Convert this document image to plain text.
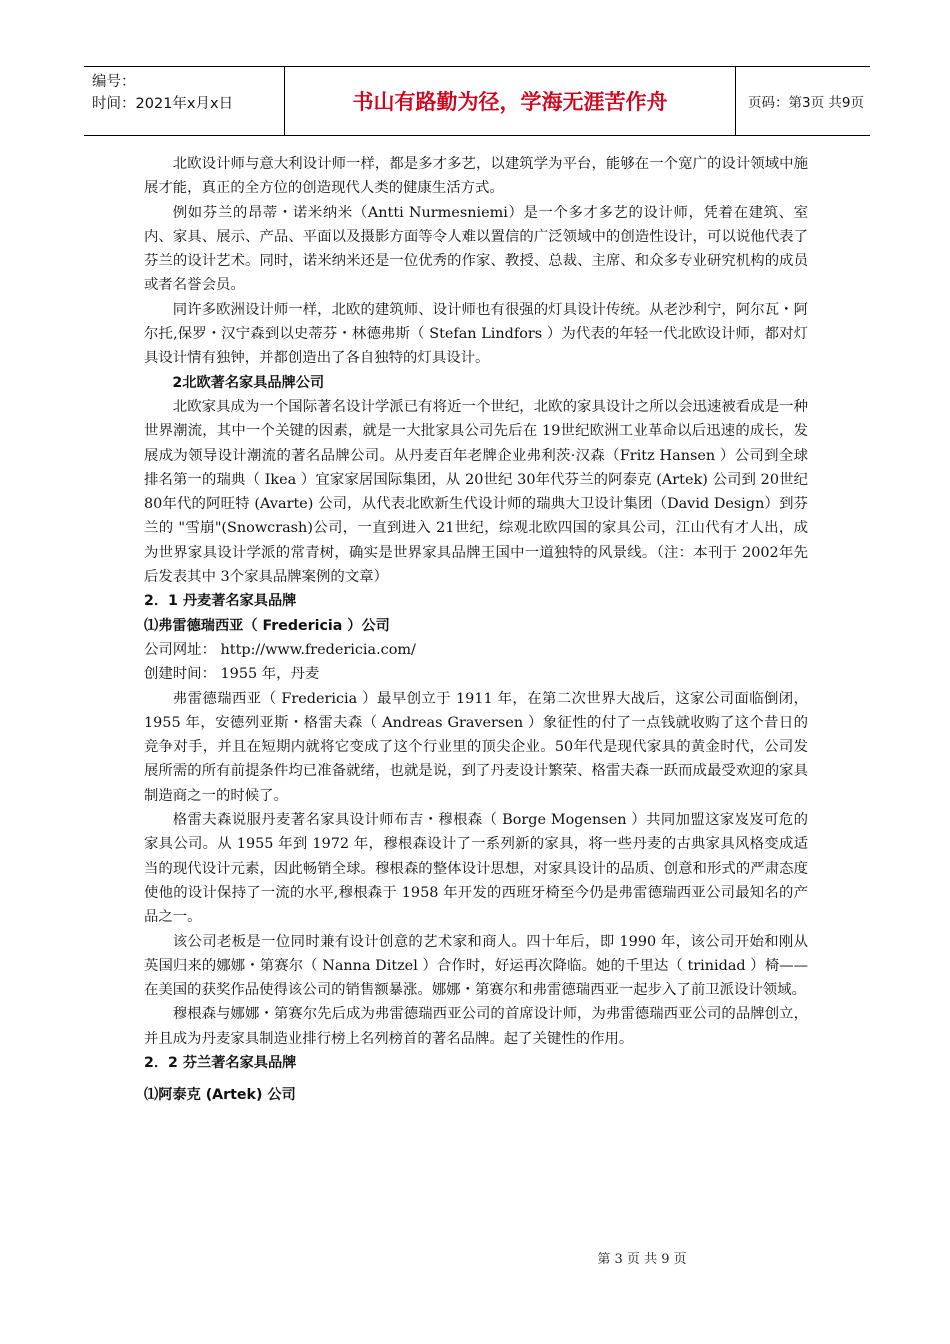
编号：
时间：2021年x月x日	书山有路勤为径，学海无涯苦作舟	页码：第3页 共9页

北欧设计师与意大利设计师一样，都是多才多艺，以建筑学为平台，能够在一个宽广的设计领域中施展才能，真正的全方位的创造现代人类的健康生活方式。

例如芬兰的昂蒂・诺米纳米（Antti Nurmesniemi）是一个多才多艺的设计师，凭着在建筑、室内、家具、展示、产品、平面以及摄影方面等令人难以置信的广泛领域中的创造性设计，可以说他代表了芬兰的设计艺术。同时，诺米纳米还是一位优秀的作家、教授、总裁、主席、和众多专业研究机构的成员或者名誉会员。

同许多欧洲设计师一样，北欧的建筑师、设计师也有很强的灯具设计传统。从老沙利宁，阿尔瓦・阿尔托,保罗・汉宁森到以史蒂芬・林德弗斯（ Stefan Lindfors ）为代表的年轻一代北欧设计师，都对灯具设计情有独钟，并都创造出了各自独特的灯具设计。

2北欧著名家具品牌公司

北欧家具成为一个国际著名设计学派已有将近一个世纪，北欧的家具设计之所以会迅速被看成是一种世界潮流，其中一个关键的因素，就是一大批家具公司先后在 19世纪欧洲工业革命以后迅速的成长，发展成为领导设计潮流的著名品牌公司。从丹麦百年老牌企业弗利茨·汉森（Fritz Hansen ）公司到全球排名第一的瑞典（ Ikea ）宜家家居国际集团，从 20世纪 30年代芬兰的阿泰克 (Artek) 公司到 20世纪 80年代的阿旺特 (Avarte) 公司，从代表北欧新生代设计师的瑞典大卫设计集团（David Design）到芬兰的 "雪崩"(Snowcrash)公司，一直到进入 21世纪，综观北欧四国的家具公司，江山代有才人出，成为世界家具设计学派的常青树，确实是世界家具品牌王国中一道独特的风景线。（注：本刊于 2002年先后发表其中 3个家具品牌案例的文章）

2．1 丹麦著名家具品牌

⑴弗雷德瑞西亚（ Fredericia ）公司

公司网址： http://www.fredericia.com/

创建时间： 1955 年，丹麦

弗雷德瑞西亚（ Fredericia ）最早创立于 1911 年，在第二次世界大战后，这家公司面临倒闭， 1955 年，安德列亚斯・格雷夫森（ Andreas Graversen ）象征性的付了一点钱就收购了这个昔日的竞争对手，并且在短期内就将它变成了这个行业里的顶尖企业。50年代是现代家具的黄金时代，公司发展所需的所有前提条件均已准备就绪，也就是说，到了丹麦设计繁荣、格雷夫森一跃而成最受欢迎的家具制造商之一的时候了。

格雷夫森说服丹麦著名家具设计师布吉・穆根森（ Borge Mogensen ）共同加盟这家岌岌可危的家具公司。从 1955 年到 1972 年，穆根森设计了一系列新的家具，将一些丹麦的古典家具风格变成适当的现代设计元素，因此畅销全球。穆根森的整体设计思想，对家具设计的品质、创意和形式的严肃态度使他的设计保持了一流的水平,穆根森于 1958 年开发的西班牙椅至今仍是弗雷德瑞西亚公司最知名的产品之一。

该公司老板是一位同时兼有设计创意的艺术家和商人。四十年后，即 1990 年，该公司开始和刚从英国归来的娜娜・第赛尔（ Nanna Ditzel ）合作时，好运再次降临。她的千里达（ trinidad ）椅——在美国的获奖作品使得该公司的销售额暴涨。娜娜・第赛尔和弗雷德瑞西亚一起步入了前卫派设计领域。

穆根森与娜娜・第赛尔先后成为弗雷德瑞西亚公司的首席设计师，为弗雷德瑞西亚公司的品牌创立，并且成为丹麦家具制造业排行榜上名列榜首的著名品牌。起了关键性的作用。

2．2 芬兰著名家具品牌

⑴阿泰克 (Artek) 公司

第 3 页 共 9 页
